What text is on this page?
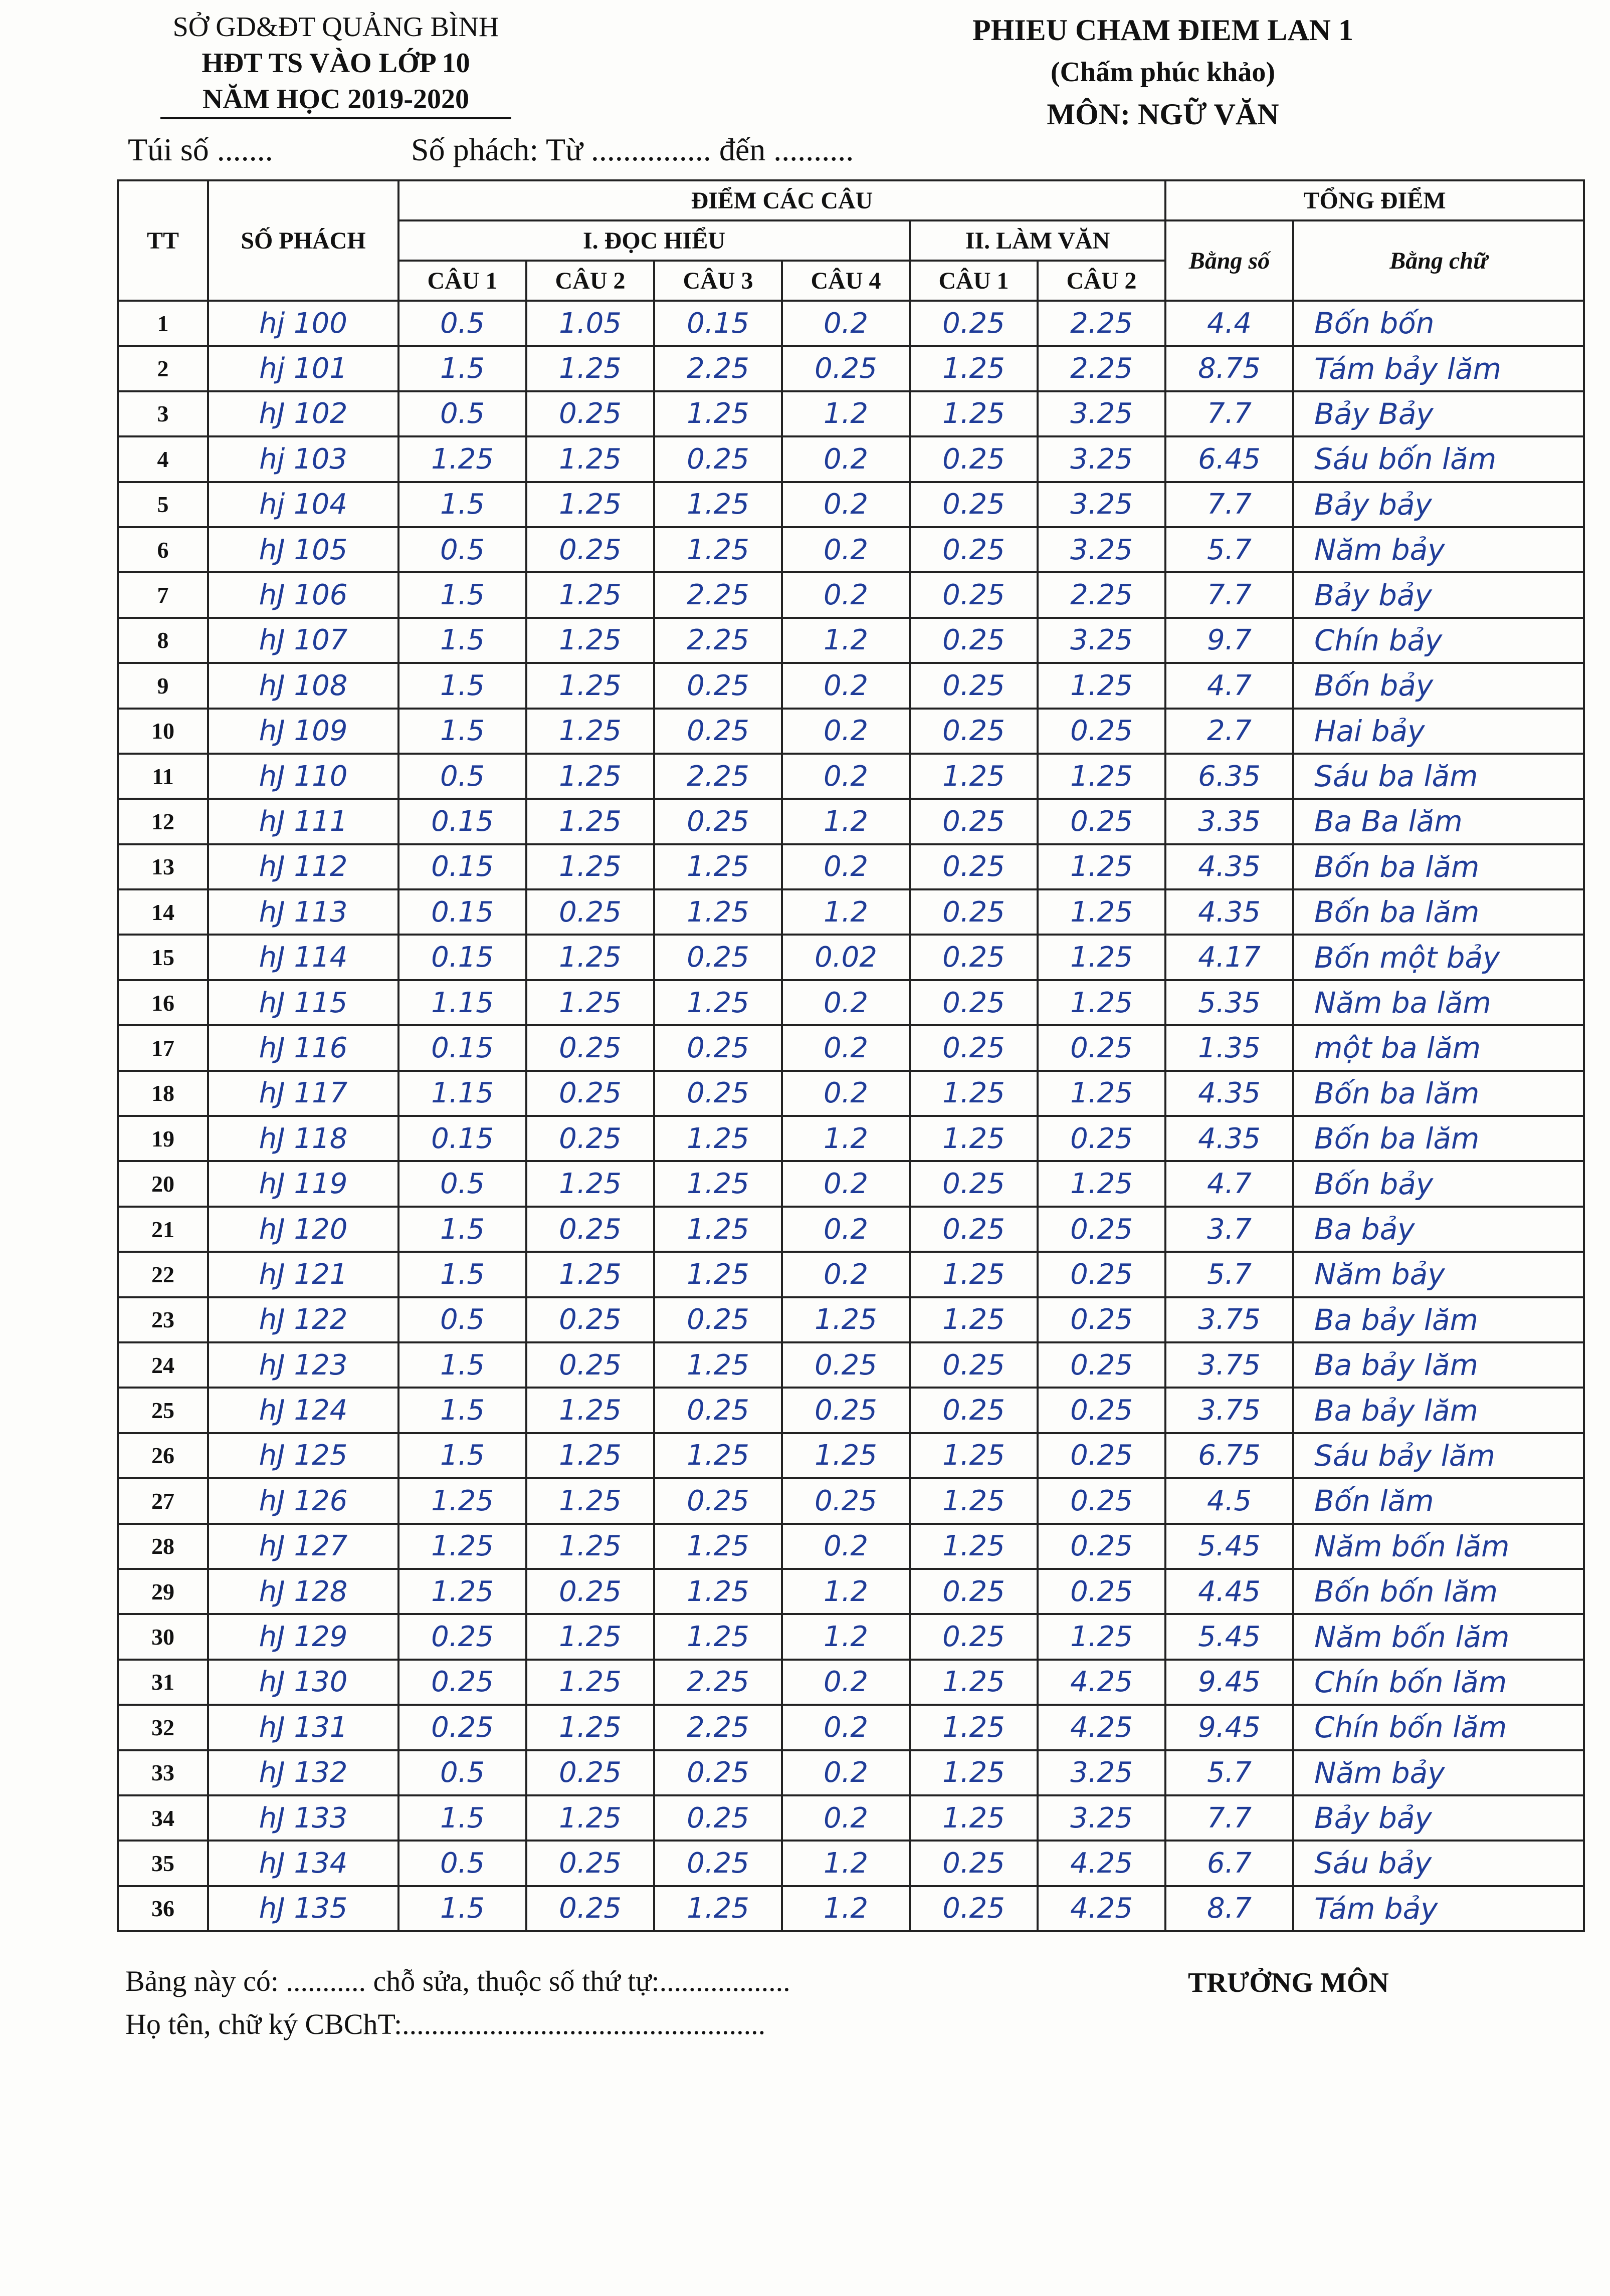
SỞ GD&ĐT QUẢNG BÌNH
HĐT TS VÀO LỚP 10 NĂM HỌC 2019-2020
PHIEU CHAM ĐIEM LAN 1
(Chấm phúc khảo)
MÔN: NGỮ VĂN
Túi số .......	Số phách: Từ ............... đến ..........
TT	SỐ PHÁCH	ĐIỂM CÁC CÂU						TỔNG ĐIỂM	
		I. ĐỌC HIỂU				II. LÀM VĂN		Bằng số	Bằng chữ
		CÂU 1	CÂU 2	CÂU 3	CÂU 4	CÂU 1	CÂU 2		
1	hj 100	0.5	1.05	0.15	0.2	0.25	2.25	4.4	Bốn bốn
2	hj 101	1.5	1.25	2.25	0.25	1.25	2.25	8.75	Tám bảy lăm
3	hJ 102	0.5	0.25	1.25	1.2	1.25	3.25	7.7	Bảy Bảy
4	hj 103	1.25	1.25	0.25	0.2	0.25	3.25	6.45	Sáu bốn lăm
5	hj 104	1.5	1.25	1.25	0.2	0.25	3.25	7.7	Bảy bảy
6	hJ 105	0.5	0.25	1.25	0.2	0.25	3.25	5.7	Năm bảy
7	hJ 106	1.5	1.25	2.25	0.2	0.25	2.25	7.7	Bảy bảy
8	hJ 107	1.5	1.25	2.25	1.2	0.25	3.25	9.7	Chín bảy
9	hJ 108	1.5	1.25	0.25	0.2	0.25	1.25	4.7	Bốn bảy
10	hJ 109	1.5	1.25	0.25	0.2	0.25	0.25	2.7	Hai bảy
11	hJ 110	0.5	1.25	2.25	0.2	1.25	1.25	6.35	Sáu ba lăm
12	hJ 111	0.15	1.25	0.25	1.2	0.25	0.25	3.35	Ba Ba lăm
13	hJ 112	0.15	1.25	1.25	0.2	0.25	1.25	4.35	Bốn ba lăm
14	hJ 113	0.15	0.25	1.25	1.2	0.25	1.25	4.35	Bốn ba lăm
15	hJ 114	0.15	1.25	0.25	0.02	0.25	1.25	4.17	Bốn một bảy
16	hJ 115	1.15	1.25	1.25	0.2	0.25	1.25	5.35	Năm ba lăm
17	hJ 116	0.15	0.25	0.25	0.2	0.25	0.25	1.35	một ba lăm
18	hJ 117	1.15	0.25	0.25	0.2	1.25	1.25	4.35	Bốn ba lăm
19	hJ 118	0.15	0.25	1.25	1.2	1.25	0.25	4.35	Bốn ba lăm
20	hJ 119	0.5	1.25	1.25	0.2	0.25	1.25	4.7	Bốn bảy
21	hJ 120	1.5	0.25	1.25	0.2	0.25	0.25	3.7	Ba bảy
22	hJ 121	1.5	1.25	1.25	0.2	1.25	0.25	5.7	Năm bảy
23	hJ 122	0.5	0.25	0.25	1.25	1.25	0.25	3.75	Ba bảy lăm
24	hJ 123	1.5	0.25	1.25	0.25	0.25	0.25	3.75	Ba bảy lăm
25	hJ 124	1.5	1.25	0.25	0.25	0.25	0.25	3.75	Ba bảy lăm
26	hJ 125	1.5	1.25	1.25	1.25	1.25	0.25	6.75	Sáu bảy lăm
27	hJ 126	1.25	1.25	0.25	0.25	1.25	0.25	4.5	Bốn lăm
28	hJ 127	1.25	1.25	1.25	0.2	1.25	0.25	5.45	Năm bốn lăm
29	hJ 128	1.25	0.25	1.25	1.2	0.25	0.25	4.45	Bốn bốn lăm
30	hJ 129	0.25	1.25	1.25	1.2	0.25	1.25	5.45	Năm bốn lăm
31	hJ 130	0.25	1.25	2.25	0.2	1.25	4.25	9.45	Chín bốn lăm
32	hJ 131	0.25	1.25	2.25	0.2	1.25	4.25	9.45	Chín bốn lăm
33	hJ 132	0.5	0.25	0.25	0.2	1.25	3.25	5.7	Năm bảy
34	hJ 133	1.5	1.25	0.25	0.2	1.25	3.25	7.7	Bảy bảy
35	hJ 134	0.5	0.25	0.25	1.2	0.25	4.25	6.7	Sáu bảy
36	hJ 135	1.5	0.25	1.25	1.2	0.25	4.25	8.7	Tám bảy
Bảng này có: ........... chỗ sửa, thuộc số thứ tự:..................
Họ tên, chữ ký CBChT:..................................................
TRƯỞNG MÔN
